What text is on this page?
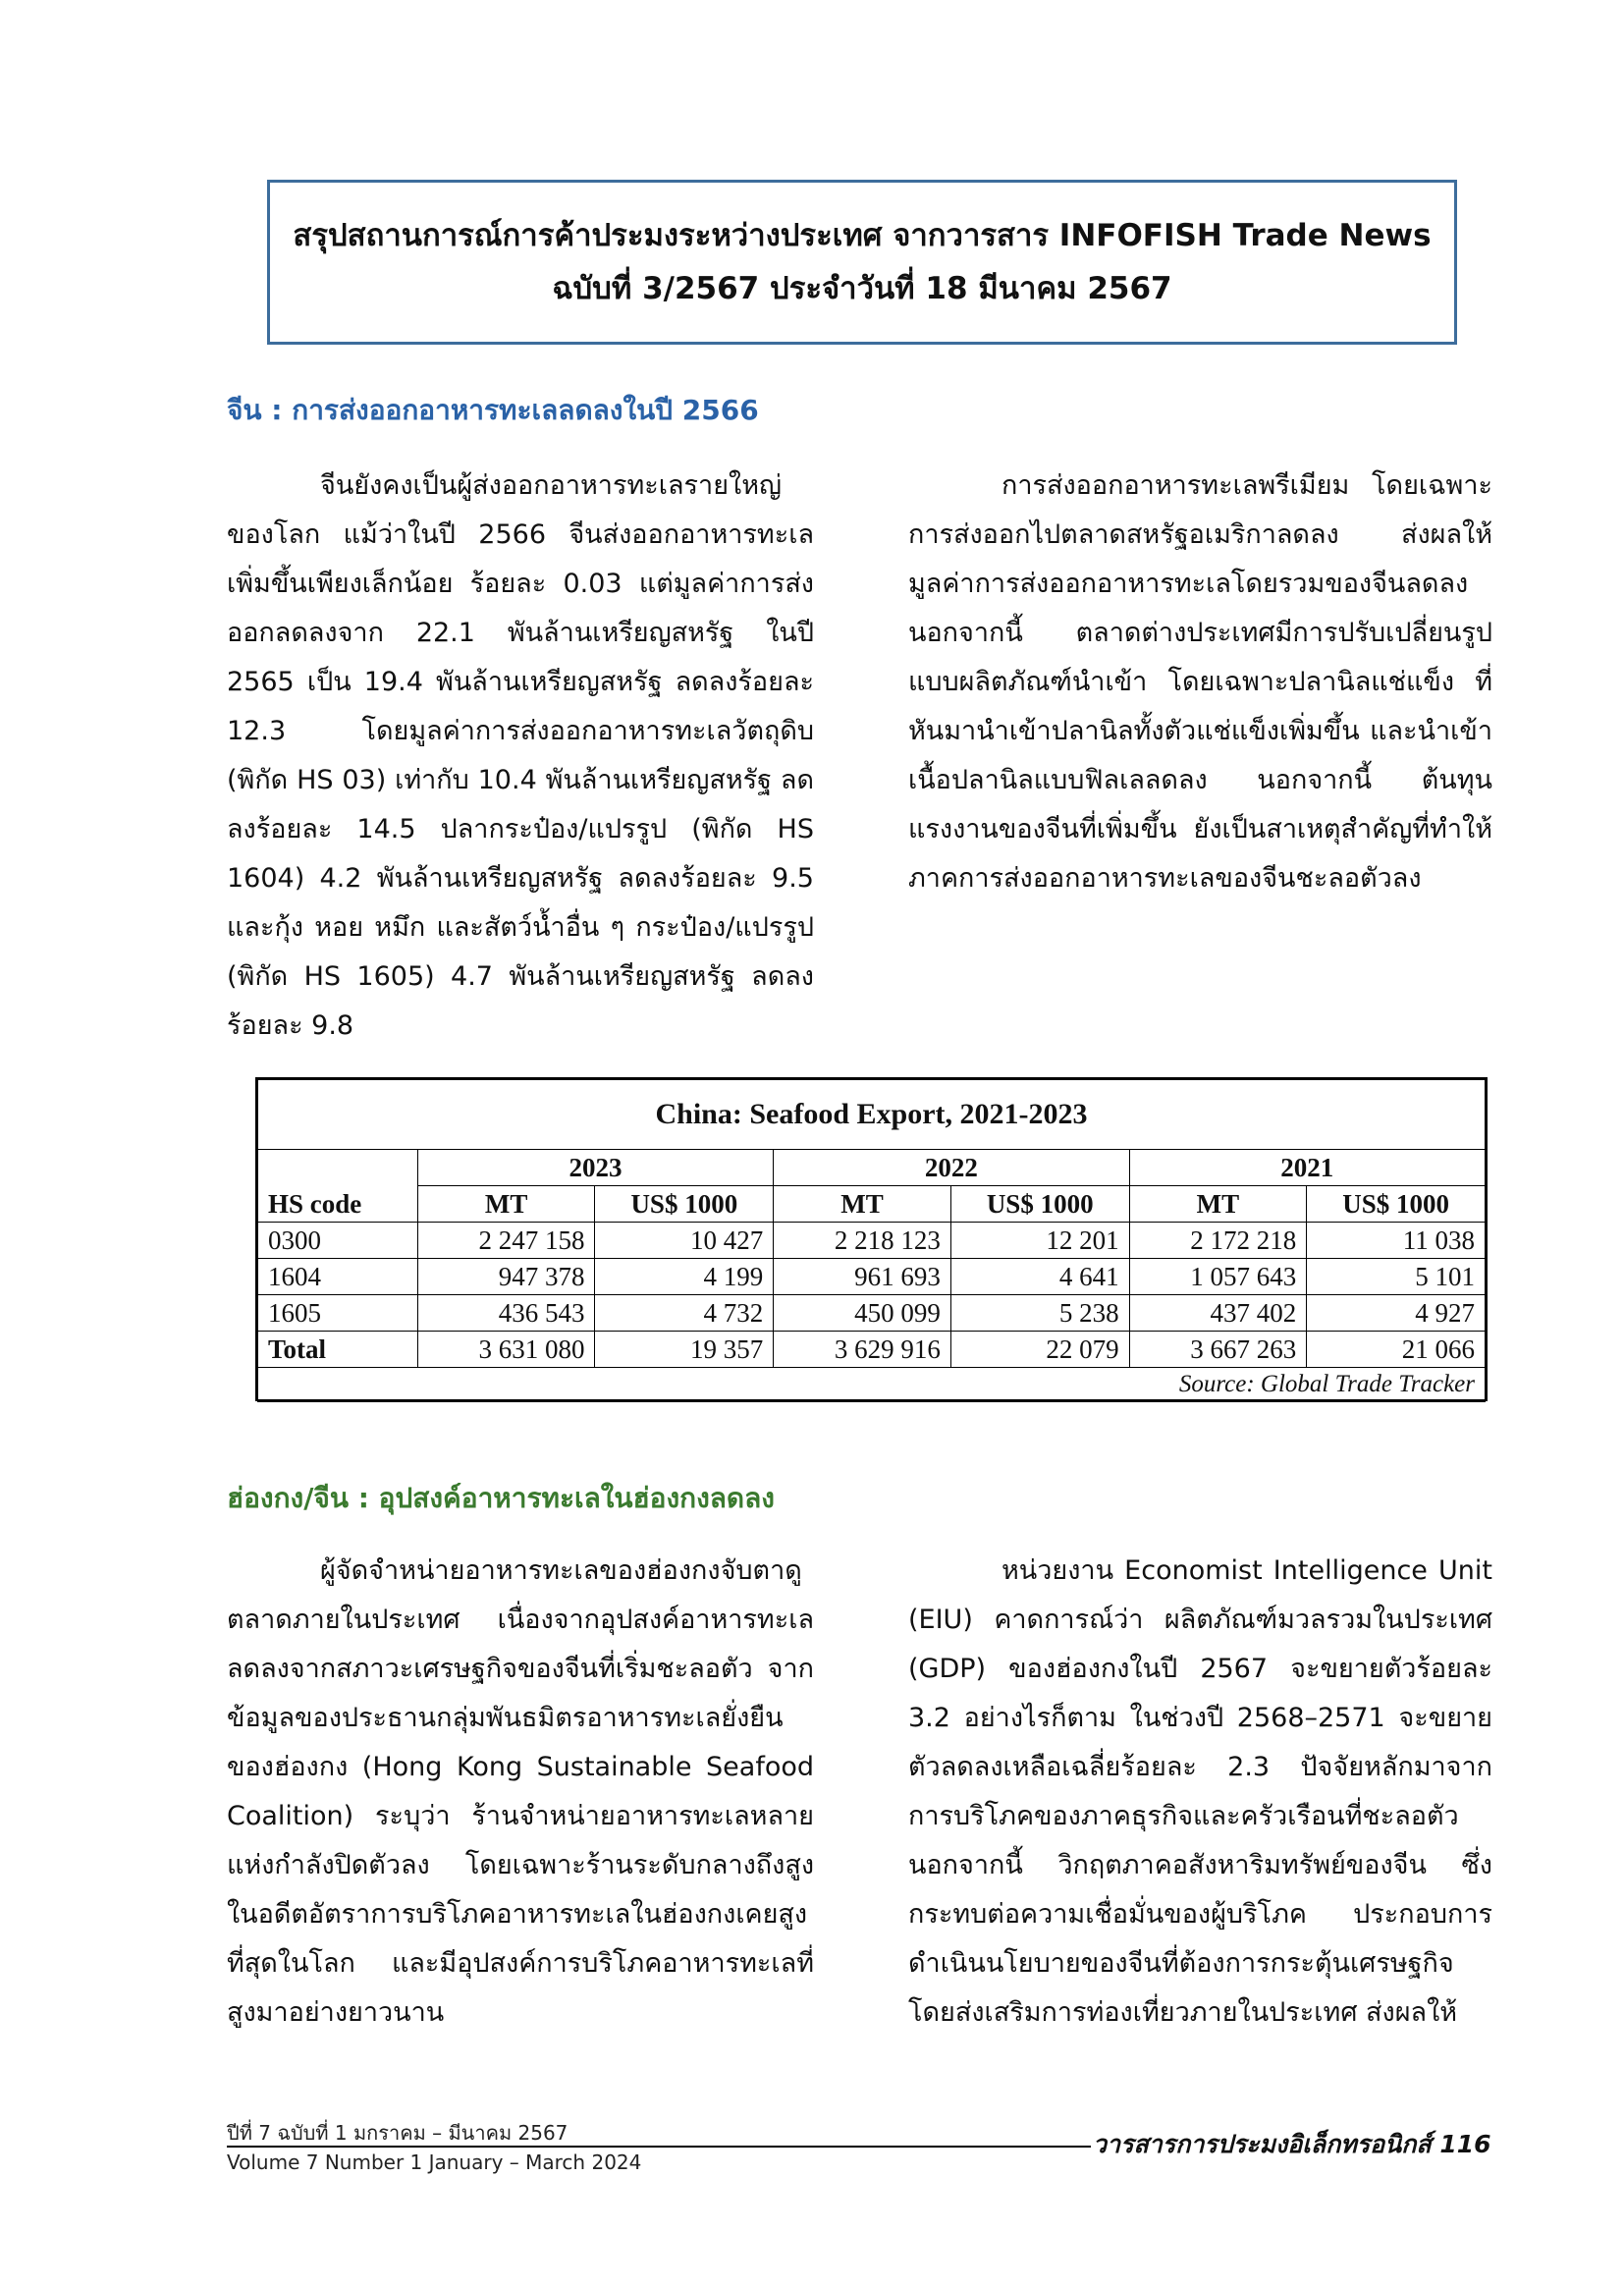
สรุปสถานการณ์การค้าประมงระหว่างประเทศ จากวารสาร INFOFISH Trade News
ฉบับที่ 3/2567 ประจำวันที่ 18 มีนาคม 2567
จีน : การส่งออกอาหารทะเลลดลงในปี 2566
จีนยังคงเป็นผู้ส่งออกอาหารทะเลรายใหญ่ของโลก แม้ว่าในปี 2566 จีนส่งออกอาหารทะเลเพิ่มขึ้นเพียงเล็กน้อย ร้อยละ 0.03 แต่มูลค่าการส่งออกลดลงจาก 22.1 พันล้านเหรียญสหรัฐ ในปี 2565 เป็น 19.4 พันล้านเหรียญสหรัฐ ลดลงร้อยละ 12.3 โดยมูลค่าการส่งออกอาหารทะเลวัตถุดิบ (พิกัด HS 03) เท่ากับ 10.4 พันล้านเหรียญสหรัฐ ลดลงร้อยละ 14.5 ปลากระป๋อง/แปรรูป (พิกัด HS 1604) 4.2 พันล้านเหรียญสหรัฐ ลดลงร้อยละ 9.5 และกุ้ง หอย หมึก และสัตว์น้ำอื่น ๆ กระป๋อง/แปรรูป (พิกัด HS 1605) 4.7 พันล้านเหรียญสหรัฐ ลดลงร้อยละ 9.8
การส่งออกอาหารทะเลพรีเมียม โดยเฉพาะการส่งออกไปตลาดสหรัฐอเมริกาลดลง ส่งผลให้มูลค่าการส่งออกอาหารทะเลโดยรวมของจีนลดลง นอกจากนี้ ตลาดต่างประเทศมีการปรับเปลี่ยนรูปแบบผลิตภัณฑ์นำเข้า โดยเฉพาะปลานิลแช่แข็ง ที่หันมานำเข้าปลานิลทั้งตัวแช่แข็งเพิ่มขึ้น และนำเข้าเนื้อปลานิลแบบฟิลเลลดลง นอกจากนี้ ต้นทุนแรงงานของจีนที่เพิ่มขึ้น ยังเป็นสาเหตุสำคัญที่ทำให้ภาคการส่งออกอาหารทะเลของจีนชะลอตัวลง
China: Seafood Export, 2021-2023						
	2023		2022		2021	
HS code	MT	US$ 1000	MT	US$ 1000	MT	US$ 1000
0300	2 247 158	10 427	2 218 123	12 201	2 172 218	11 038
1604	947 378	4 199	961 693	4 641	1 057 643	5 101
1605	436 543	4 732	450 099	5 238	437 402	4 927
Total	3 631 080	19 357	3 629 916	22 079	3 667 263	21 066
Source: Global Trade Tracker						
ฮ่องกง/จีน : อุปสงค์อาหารทะเลในฮ่องกงลดลง
ผู้จัดจำหน่ายอาหารทะเลของฮ่องกงจับตาดูตลาดภายในประเทศ เนื่องจากอุปสงค์อาหารทะเลลดลงจากสภาวะเศรษฐกิจของจีนที่เริ่มชะลอตัว จากข้อมูลของประธานกลุ่มพันธมิตรอาหารทะเลยั่งยืนของฮ่องกง (Hong Kong Sustainable Seafood Coalition) ระบุว่า ร้านจำหน่ายอาหารทะเลหลายแห่งกำลังปิดตัวลง โดยเฉพาะร้านระดับกลางถึงสูง ในอดีตอัตราการบริโภคอาหารทะเลในฮ่องกงเคยสูงที่สุดในโลก และมีอุปสงค์การบริโภคอาหารทะเลที่สูงมาอย่างยาวนาน
หน่วยงาน Economist Intelligence Unit (EIU) คาดการณ์ว่า ผลิตภัณฑ์มวลรวมในประเทศ (GDP) ของฮ่องกงในปี 2567 จะขยายตัวร้อยละ 3.2 อย่างไรก็ตาม ในช่วงปี 2568–2571 จะขยายตัวลดลงเหลือเฉลี่ยร้อยละ 2.3 ปัจจัยหลักมาจากการบริโภคของภาคธุรกิจและครัวเรือนที่ชะลอตัว นอกจากนี้ วิกฤตภาคอสังหาริมทรัพย์ของจีน ซึ่งกระทบต่อความเชื่อมั่นของผู้บริโภค ประกอบการดำเนินนโยบายของจีนที่ต้องการกระตุ้นเศรษฐกิจ โดยส่งเสริมการท่องเที่ยวภายในประเทศ ส่งผลให้
ปีที่ 7 ฉบับที่ 1 มกราคม – มีนาคม 2567
Volume 7 Number 1 January – March 2024
วารสารการประมงอิเล็กทรอนิกส์ 116
